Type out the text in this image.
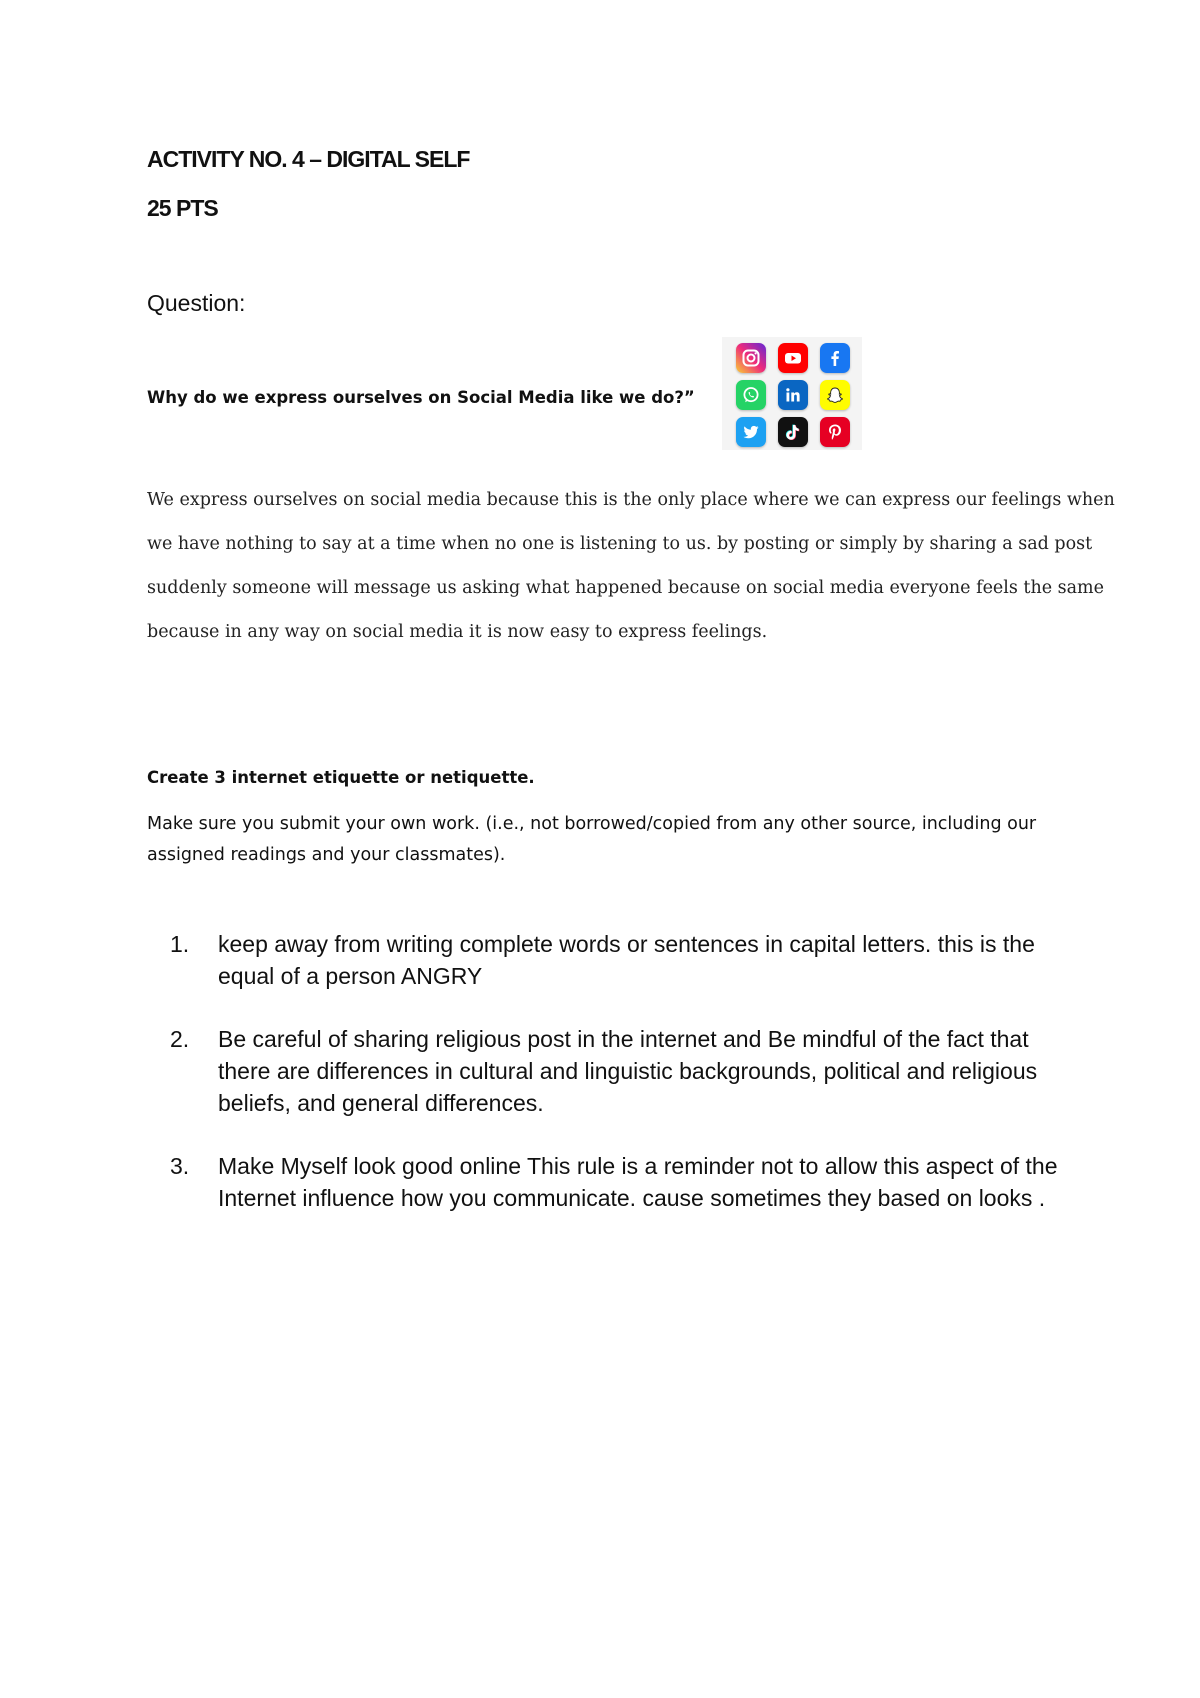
ACTIVITY NO. 4 – DIGITAL SELF
25 PTS
Question:
Why do we express ourselves on Social Media like we do?”

We express ourselves on social media because this is the only place where we can express our feelings when
we have nothing to say at a time when no one is listening to us. by posting or simply by sharing a sad post
suddenly someone will message us asking what happened because on social media everyone feels the same
because in any way on social media it is now easy to express feelings.

Create 3 internet etiquette or netiquette.

Make sure you submit your own work. (i.e., not borrowed/copied from any other source, including our assigned readings and your classmates).

1.	keep away from writing complete words or sentences in capital letters. this is the equal of a person ANGRY
2.	Be careful of sharing religious post in the internet and Be mindful of the fact that there are differences in cultural and linguistic backgrounds, political and religious beliefs, and general differences.
3.	Make Myself look good online This rule is a reminder not to allow this aspect of the Internet influence how you communicate. cause sometimes they based on looks .
